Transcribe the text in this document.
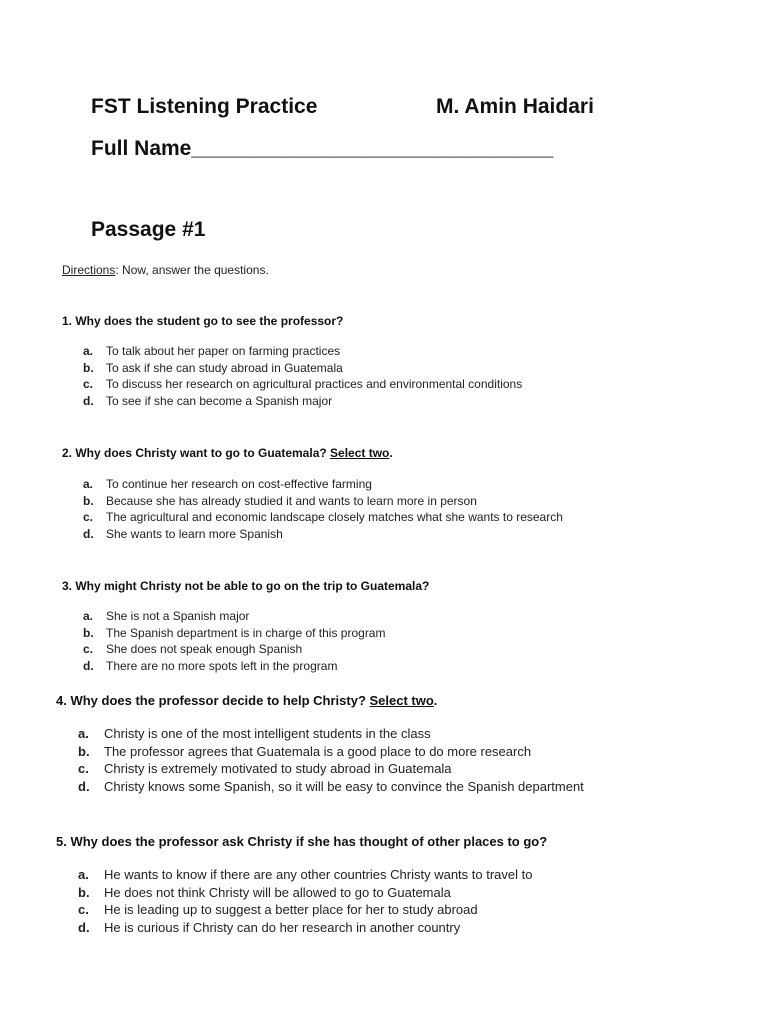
FST Listening Practice	M. Amin Haidari
Full Name_______________________________
Passage #1
Directions: Now, answer the questions.

1. Why does the student go to see the professor?

a. To talk about her paper on farming practices
b. To ask if she can study abroad in Guatemala
c. To discuss her research on agricultural practices and environmental conditions
d. To see if she can become a Spanish major

2. Why does Christy want to go to Guatemala? Select two.

a. To continue her research on cost-effective farming
b. Because she has already studied it and wants to learn more in person
c. The agricultural and economic landscape closely matches what she wants to research
d. She wants to learn more Spanish

3. Why might Christy not be able to go on the trip to Guatemala?

a. She is not a Spanish major
b. The Spanish department is in charge of this program
c. She does not speak enough Spanish
d. There are no more spots left in the program

4. Why does the professor decide to help Christy? Select two.

a. Christy is one of the most intelligent students in the class
b. The professor agrees that Guatemala is a good place to do more research
c. Christy is extremely motivated to study abroad in Guatemala
d. Christy knows some Spanish, so it will be easy to convince the Spanish department

5. Why does the professor ask Christy if she has thought of other places to go?

a. He wants to know if there are any other countries Christy wants to travel to
b. He does not think Christy will be allowed to go to Guatemala
c. He is leading up to suggest a better place for her to study abroad
d. He is curious if Christy can do her research in another country
